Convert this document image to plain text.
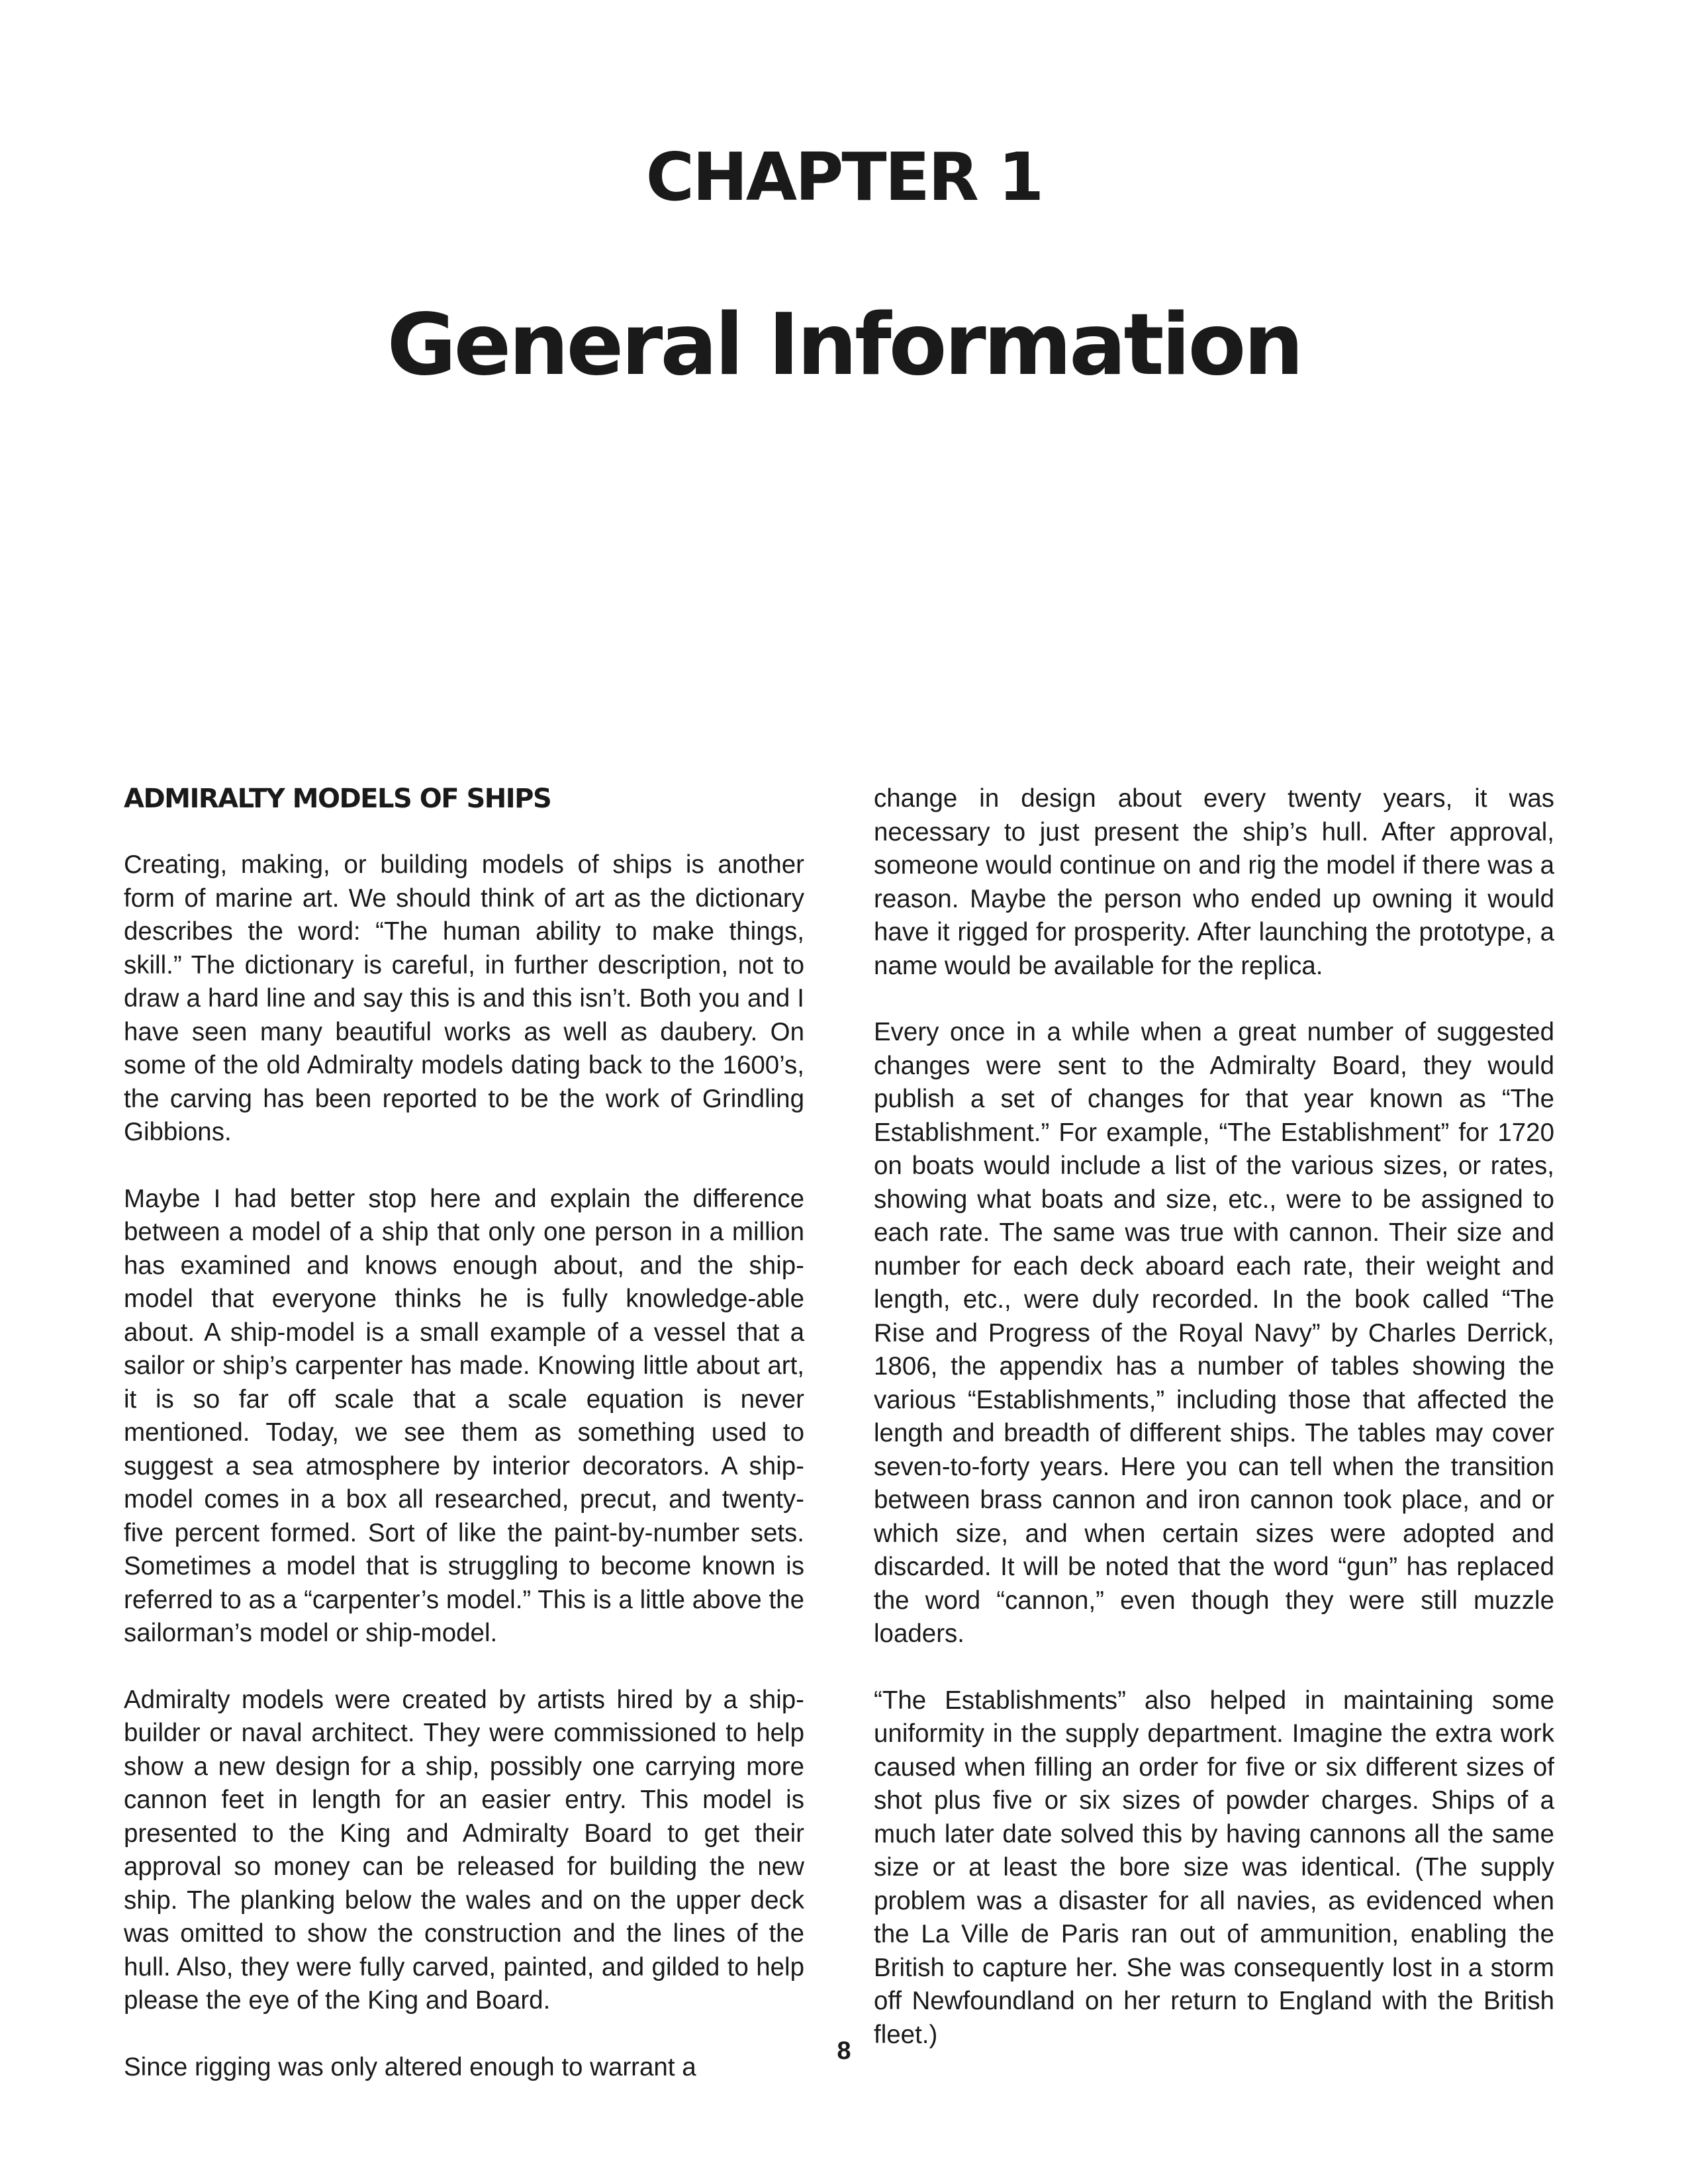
CHAPTER 1
General Information
ADMIRALTY MODELS OF SHIPS

Creating, making, or building models of ships is another form of marine art. We should think of art as the dictionary describes the word: “The human ability to make things, skill.” The dictionary is careful, in further description, not to draw a hard line and say this is and this isn’t. Both you and I have seen many beautiful works as well as daubery. On some of the old Admiralty models dating back to the 1600’s, the carving has been reported to be the work of Grindling Gibbions.

Maybe I had better stop here and explain the difference between a model of a ship that only one person in a million has examined and knows enough about, and the ship-model that everyone thinks he is fully knowledge-able about. A ship-model is a small example of a vessel that a sailor or ship’s carpenter has made. Knowing little about art, it is so far off scale that a scale equation is never mentioned. Today, we see them as something used to suggest a sea atmosphere by interior decorators. A ship-model comes in a box all researched, precut, and twenty-five percent formed. Sort of like the paint-by-number sets. Sometimes a model that is struggling to become known is referred to as a “carpenter’s model.” This is a little above the sailorman’s model or ship-model.

Admiralty models were created by artists hired by a ship-builder or naval architect. They were commissioned to help show a new design for a ship, possibly one carrying more cannon feet in length for an easier entry. This model is presented to the King and Admiralty Board to get their approval so money can be released for building the new ship. The planking below the wales and on the upper deck was omitted to show the construction and the lines of the hull. Also, they were fully carved, painted, and gilded to help please the eye of the King and Board.

Since rigging was only altered enough to warrant a

change in design about every twenty years, it was necessary to just present the ship’s hull. After approval, someone would continue on and rig the model if there was a reason. Maybe the person who ended up owning it would have it rigged for prosperity. After launching the prototype, a name would be available for the replica.

Every once in a while when a great number of suggested changes were sent to the Admiralty Board, they would publish a set of changes for that year known as “The Establishment.” For example, “The Establishment” for 1720 on boats would include a list of the various sizes, or rates, showing what boats and size, etc., were to be assigned to each rate. The same was true with cannon. Their size and number for each deck aboard each rate, their weight and length, etc., were duly recorded. In the book called “The Rise and Progress of the Royal Navy” by Charles Derrick, 1806, the appendix has a number of tables showing the various “Establishments,” including those that affected the length and breadth of different ships. The tables may cover seven-to-forty years. Here you can tell when the transition between brass cannon and iron cannon took place, and or which size, and when certain sizes were adopted and discarded. It will be noted that the word “gun” has replaced the word “cannon,” even though they were still muzzle loaders.

“The Establishments” also helped in maintaining some uniformity in the supply department. Imagine the extra work caused when filling an order for five or six different sizes of shot plus five or six sizes of powder charges. Ships of a much later date solved this by having cannons all the same size or at least the bore size was identical. (The supply problem was a disaster for all navies, as evidenced when the La Ville de Paris ran out of ammunition, enabling the British to capture her. She was consequently lost in a storm off Newfoundland on her return to England with the British fleet.)

8
